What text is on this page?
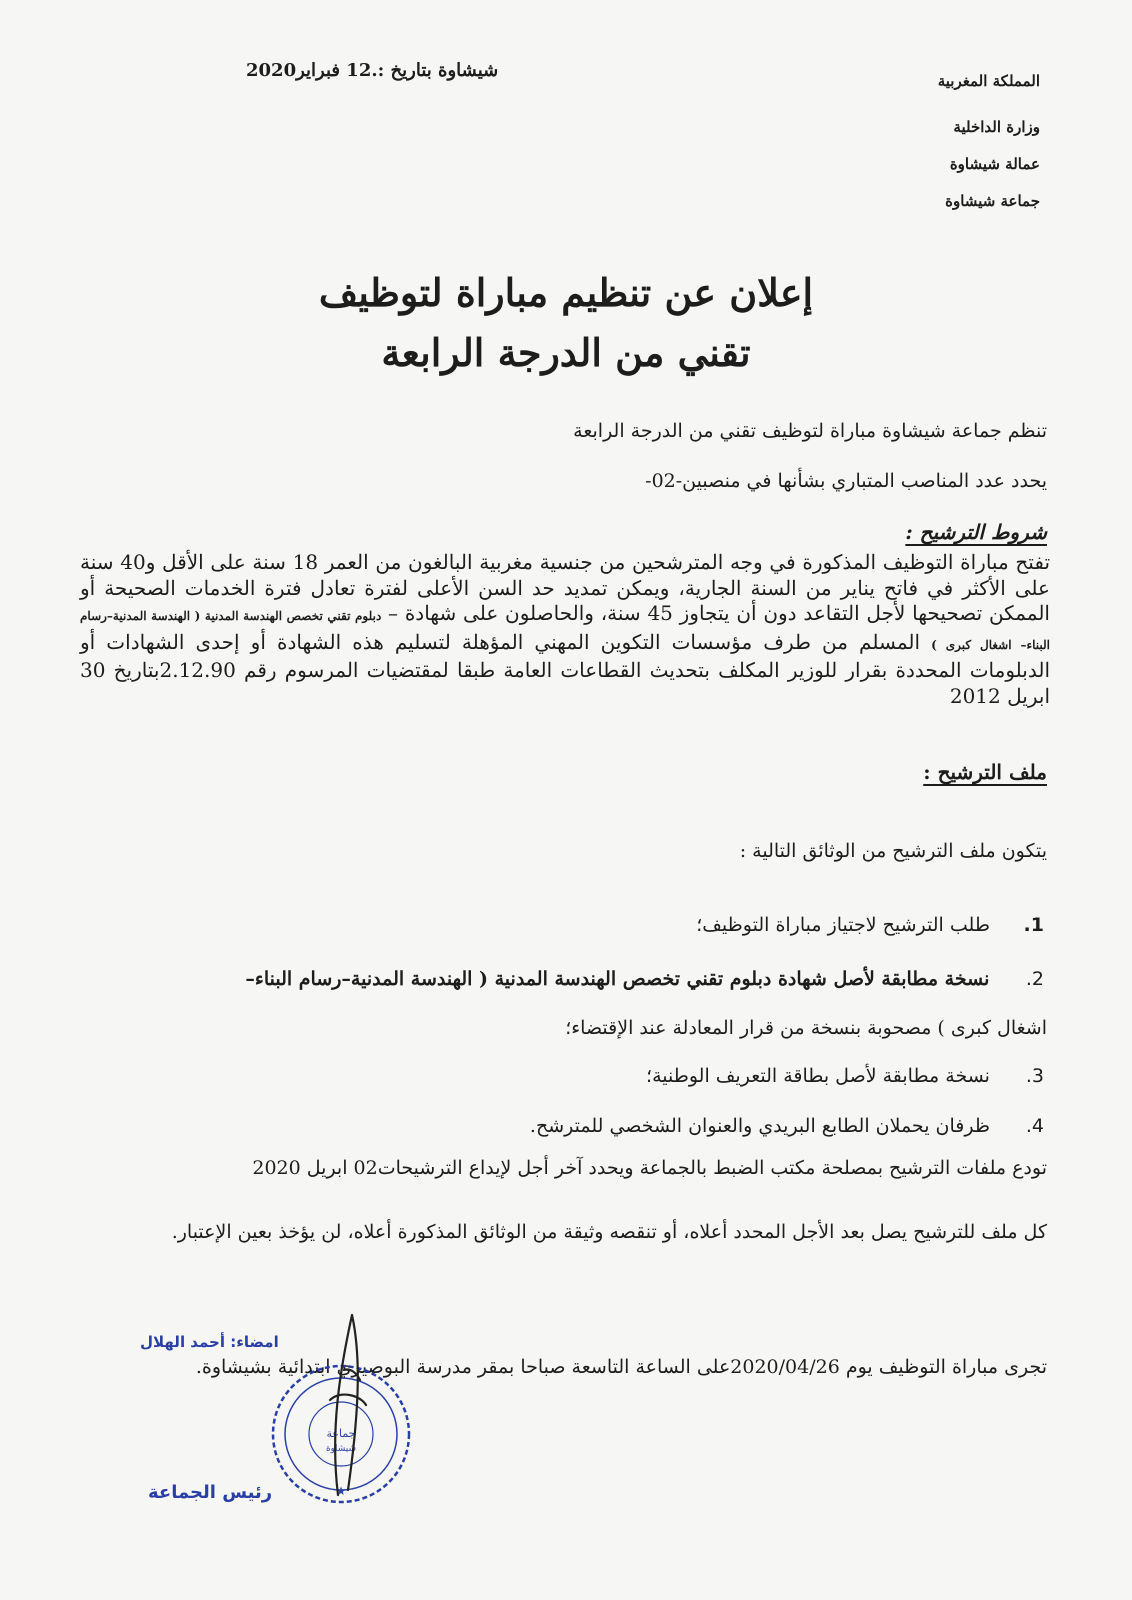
المملكة المغربية
وزارة الداخلية
عمالة شيشاوة
جماعة شيشاوة
شيشاوة بتاريخ :.12 فبراير2020
إعلان عن تنظيم مباراة لتوظيف
تقني من الدرجة الرابعة
تنظم جماعة شيشاوة مباراة لتوظيف تقني من الدرجة الرابعة
يحدد عدد المناصب المتباري بشأنها في منصبين-02-
شروط الترشيح :
تفتح مباراة التوظيف المذكورة في وجه المترشحين من جنسية مغربية البالغون من العمر 18 سنة على الأقل و40 سنة على الأكثر في فاتح يناير من السنة الجارية، ويمكن تمديد حد السن الأعلى لفترة تعادل فترة الخدمات الصحيحة أو الممكن تصحيحها لأجل التقاعد دون أن يتجاوز 45 سنة، والحاصلون على شهادة – دبلوم تقني تخصص الهندسة المدنية ( الهندسة المدنية–رسام البناء– اشغال كبرى ) المسلم من طرف مؤسسات التكوين المهني المؤهلة لتسليم هذه الشهادة أو إحدى الشهادات أو الدبلومات المحددة بقرار للوزير المكلف بتحديث القطاعات العامة طبقا لمقتضيات المرسوم رقم 2.12.90بتاريخ 30 ابريل 2012
ملف الترشيح :
يتكون ملف الترشيح من الوثائق التالية :
1. طلب الترشيح لاجتياز مباراة التوظيف؛
2. نسخة مطابقة لأصل شهادة دبلوم تقني تخصص الهندسة المدنية ( الهندسة المدنية–رسام البناء–
اشغال كبرى ) مصحوبة بنسخة من قرار المعادلة عند الإقتضاء؛
3. نسخة مطابقة لأصل بطاقة التعريف الوطنية؛
4. ظرفان يحملان الطابع البريدي والعنوان الشخصي للمترشح.
تودع ملفات الترشيح بمصلحة مكتب الضبط بالجماعة ويحدد آخر أجل لإيداع الترشيحات02 ابريل 2020
كل ملف للترشيح يصل بعد الأجل المحدد أعلاه، أو تنقصه وثيقة من الوثائق المذكورة أعلاه، لن يؤخذ بعين الإعتبار.
تجرى مباراة التوظيف يوم 2020/04/26على الساعة التاسعة صباحا بمقر مدرسة البوصيري ابتدائية بشيشاوة.
امضاء: أحمد الهلال
رئيس الجماعة
جماعة
شيشاوة
★
